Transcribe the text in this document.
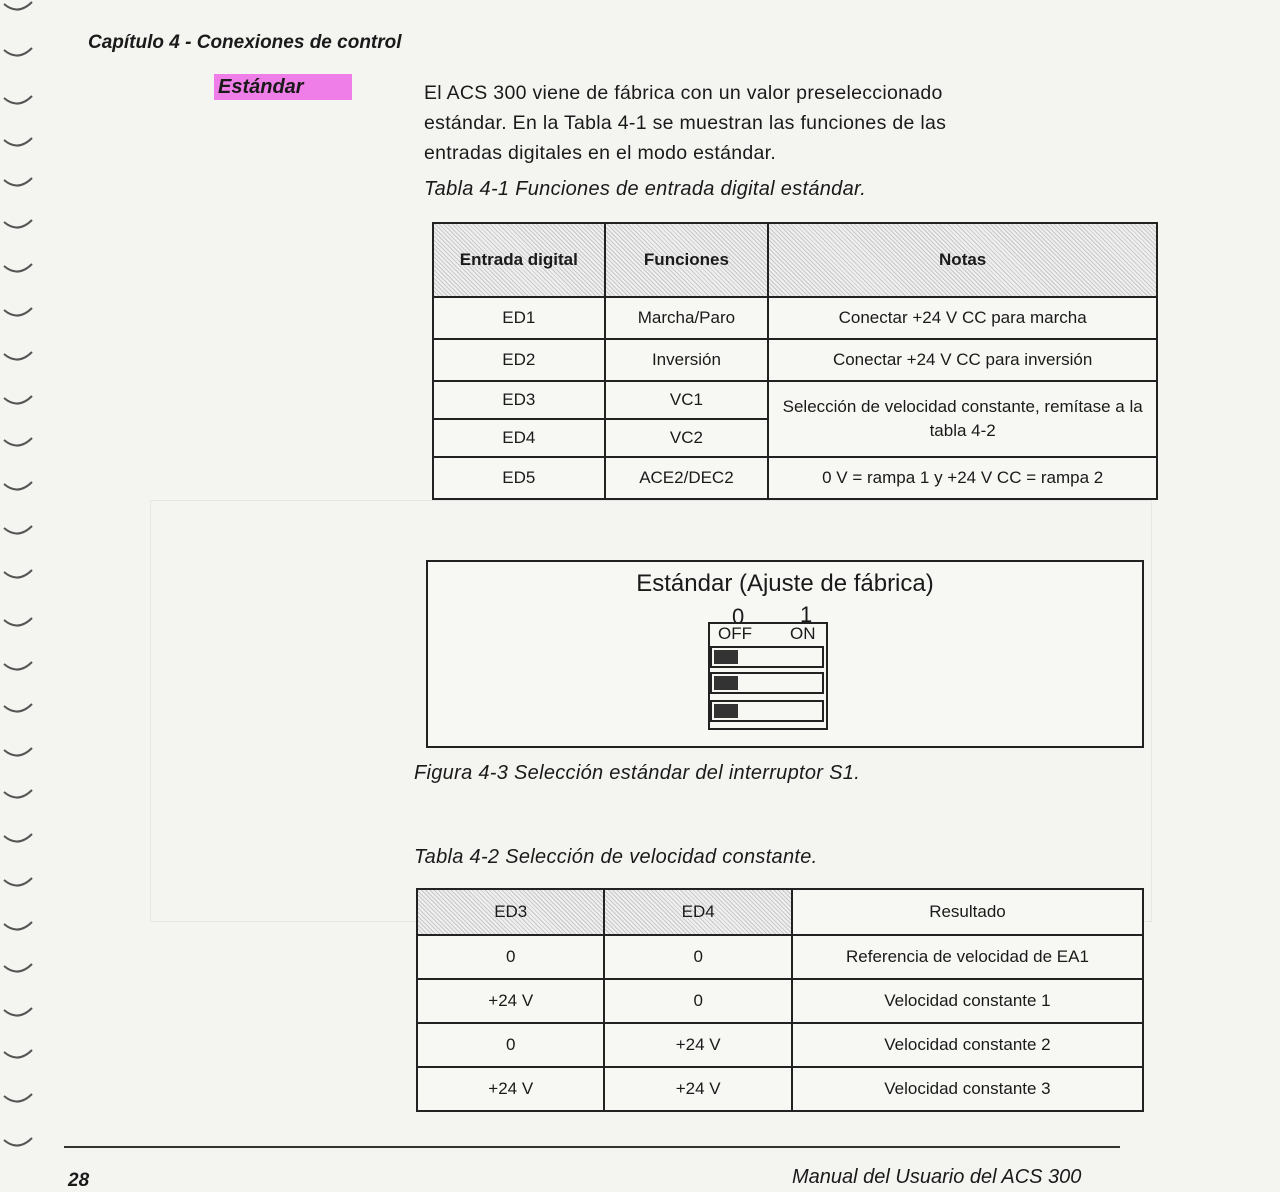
Capítulo 4 - Conexiones de control
Estándar	El ACS 300 viene de fábrica con un valor preseleccionado
estándar. En la Tabla 4-1 se muestran las funciones de las
entradas digitales en el modo estándar.
Tabla 4-1 Funciones de entrada digital estándar.
Entrada digital	Funciones	Notas
ED1	Marcha/Paro	Conectar +24 V CC para marcha
ED2	Inversión	Conectar +24 V CC para inversión
ED3	VC1	Selección de velocidad constante, remítase a la tabla 4-2
ED4	VC2	
ED5	ACE2/DEC2	0 V = rampa 1 y +24 V CC = rampa 2
Estándar (Ajuste de fábrica)
0	1
OFF ON
Figura 4-3 Selección estándar del interruptor S1.
Tabla 4-2 Selección de velocidad constante.
ED3	ED4	Resultado
0	0	Referencia de velocidad de EA1
+24 V	0	Velocidad constante 1
0	+24 V	Velocidad constante 2
+24 V	+24 V	Velocidad constante 3
28	Manual del Usuario del ACS 300
